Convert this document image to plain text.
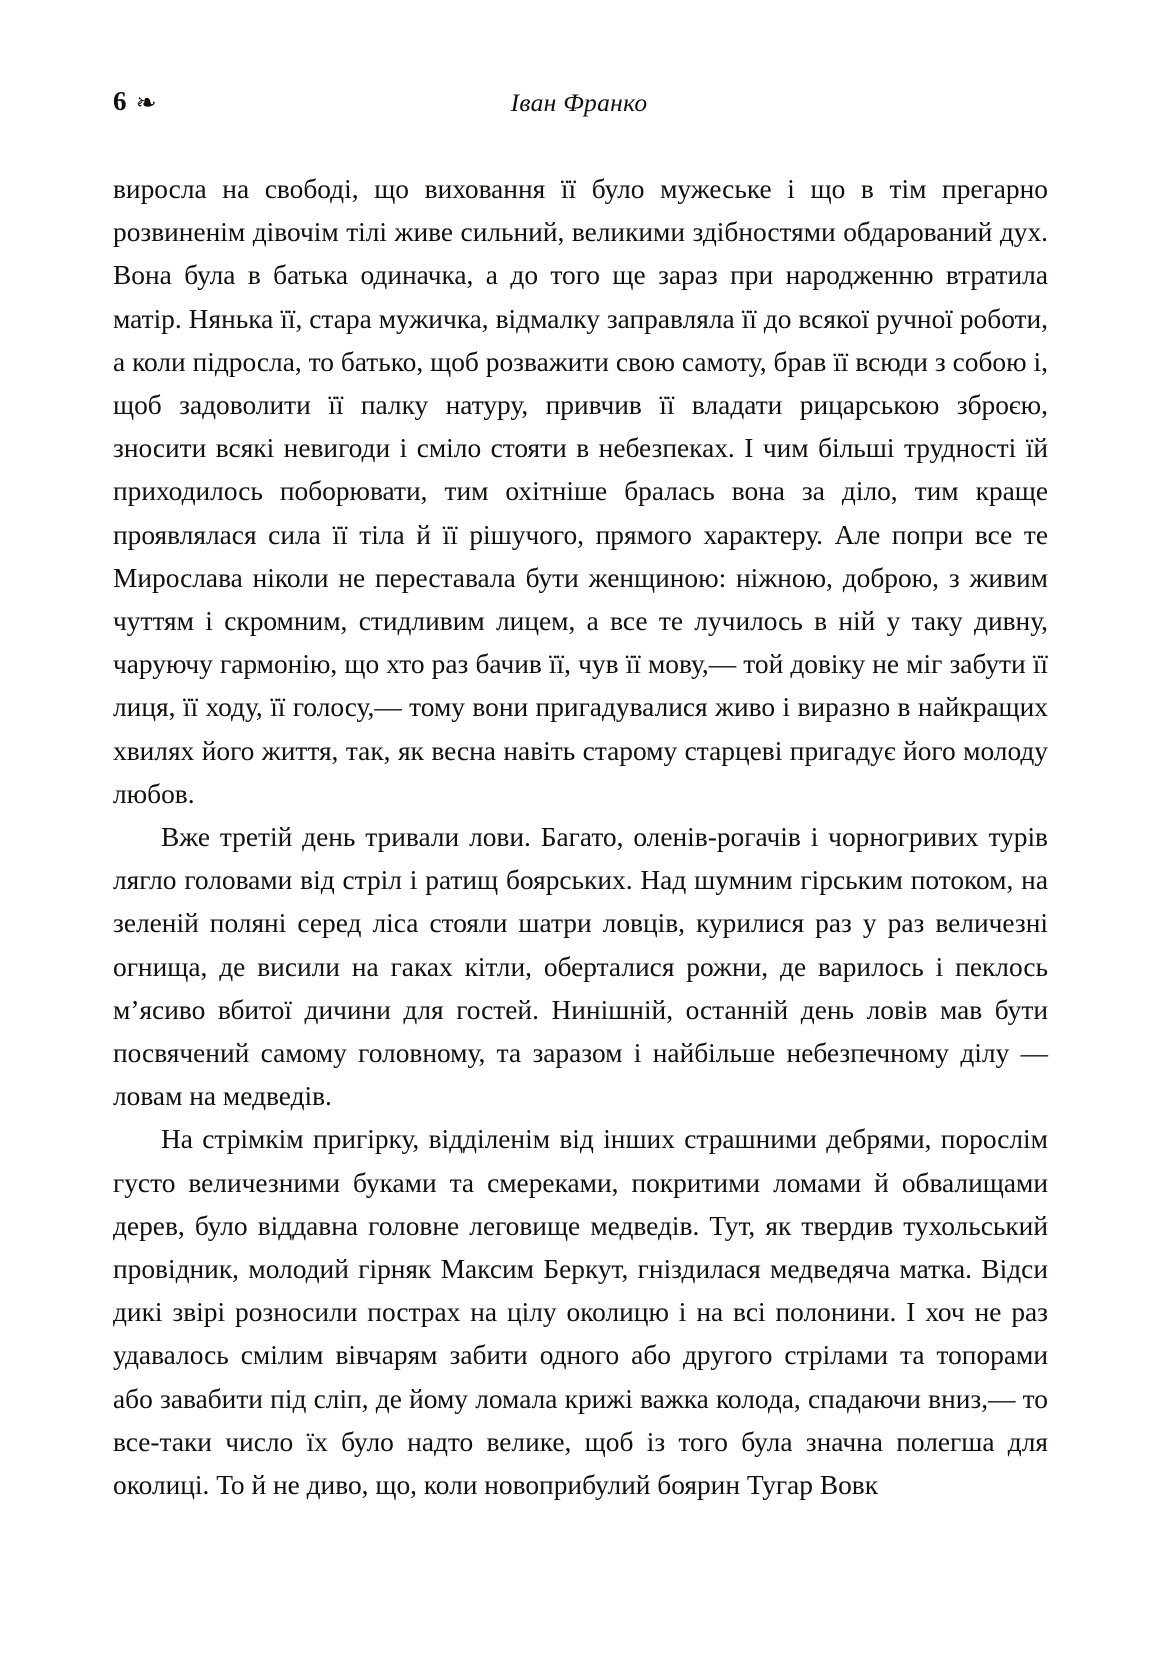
6 ❧	Іван Франко

виросла на свободі, що виховання її було мужеське і що в тім прегарно розвиненім дівочім тілі живе сильний, великими здібностями обдарований дух. Вона була в батька одиначка, а до того ще зараз при народженню втратила матір. Нянька її, стара мужичка, відмалку заправляла її до всякої ручної роботи, а коли підросла, то батько, щоб розважити свою самоту, брав її всюди з собою і, щоб задоволити її палку натуру, привчив її владати рицарською зброєю, зносити всякі невигоди і сміло стояти в небезпеках. І чим більші трудності їй приходилось поборювати, тим охітніше бралась вона за діло, тим краще проявлялася сила її тіла й її рішучого, прямого характеру. Але попри все те Мирослава ніколи не переставала бути женщиною: ніжною, доброю, з живим чуттям і скромним, стидливим лицем, а все те лучилось в ній у таку дивну, чаруючу гармонію, що хто раз бачив її, чув її мову,— той довіку не міг забути її лиця, її ходу, її голосу,— тому вони пригадувалися живо і виразно в найкращих хвилях його життя, так, як весна навіть старому старцеві пригадує його молоду любов.

Вже третій день тривали лови. Багато, оленів-рогачів і чорногривих турів лягло головами від стріл і ратищ боярських. Над шумним гірським потоком, на зеленій поляні серед ліса стояли шатри ловців, курилися раз у раз величезні огнища, де висили на гаках кітли, оберталися рожни, де варилось і пеклось м’ясиво вбитої дичини для гостей. Нинішній, останній день ловів мав бути посвячений самому головному, та заразом і найбільше небезпечному ділу — ловам на медведів.

На стрімкім пригірку, відділенім від інших страшними дебрями, порослім густо величезними буками та смереками, покритими ломами й обвалищами дерев, було віддавна головне леговище медведів. Тут, як твердив тухольський провідник, молодий гірняк Максим Беркут, гніздилася медведяча матка. Відси дикі звірі розносили пострах на цілу околицю і на всі полонини. І хоч не раз удавалось смілим вівчарям забити одного або другого стрілами та топорами або завабити під сліп, де йому ломала крижі важка колода, спадаючи вниз,— то все-таки число їх було надто велике, щоб із того була значна полегша для околиці. То й не диво, що, коли новоприбулий боярин Тугар Вовк
